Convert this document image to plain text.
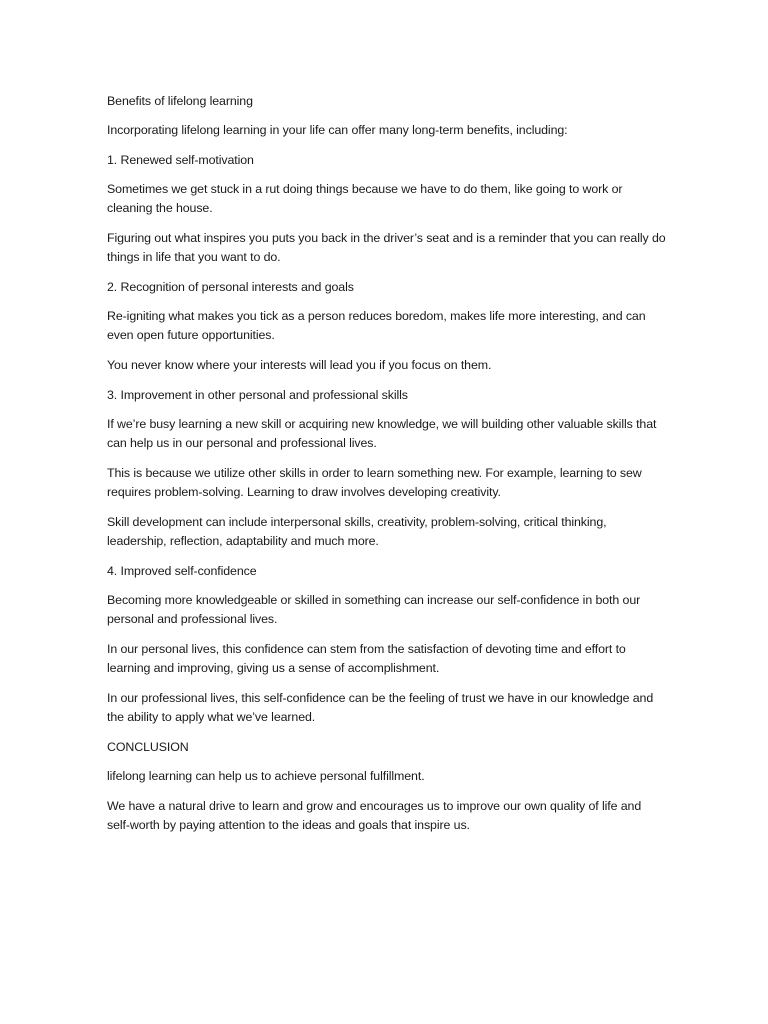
Benefits of lifelong learning

Incorporating lifelong learning in your life can offer many long-term benefits, including:

1. Renewed self-motivation

Sometimes we get stuck in a rut doing things because we have to do them, like going to work or cleaning the house.

Figuring out what inspires you puts you back in the driver’s seat and is a reminder that you can really do things in life that you want to do.

2. Recognition of personal interests and goals

Re-igniting what makes you tick as a person reduces boredom, makes life more interesting, and can even open future opportunities.

You never know where your interests will lead you if you focus on them.

3. Improvement in other personal and professional skills

If we’re busy learning a new skill or acquiring new knowledge, we will building other valuable skills that can help us in our personal and professional lives.

This is because we utilize other skills in order to learn something new. For example, learning to sew requires problem-solving. Learning to draw involves developing creativity.

Skill development can include interpersonal skills, creativity, problem-solving, critical thinking, leadership, reflection, adaptability and much more.

4. Improved self-confidence

Becoming more knowledgeable or skilled in something can increase our self-confidence in both our personal and professional lives.

In our personal lives, this confidence can stem from the satisfaction of devoting time and effort to learning and improving, giving us a sense of accomplishment.

In our professional lives, this self-confidence can be the feeling of trust we have in our knowledge and the ability to apply what we’ve learned.

CONCLUSION

lifelong learning can help us to achieve personal fulfillment.

We have a natural drive to learn and grow and encourages us to improve our own quality of life and self-worth by paying attention to the ideas and goals that inspire us.
